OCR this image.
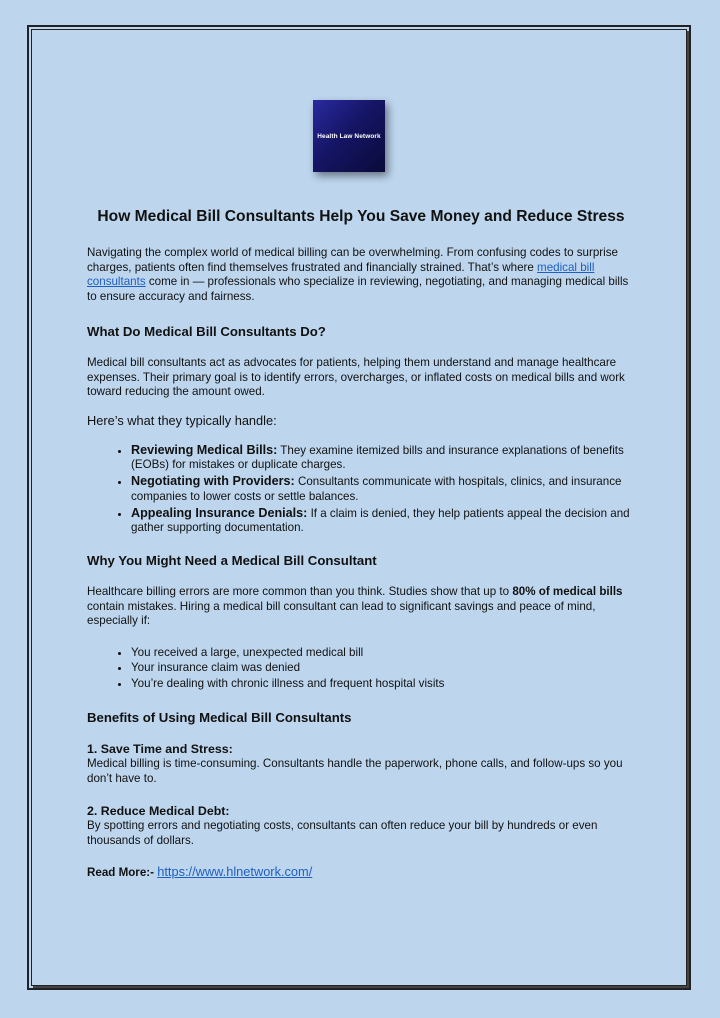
Health Law Network
How Medical Bill Consultants Help You Save Money and Reduce Stress

Navigating the complex world of medical billing can be overwhelming. From confusing codes to surprise charges, patients often find themselves frustrated and financially strained. That’s where medical bill consultants come in — professionals who specialize in reviewing, negotiating, and managing medical bills to ensure accuracy and fairness.

What Do Medical Bill Consultants Do?

Medical bill consultants act as advocates for patients, helping them understand and manage healthcare expenses. Their primary goal is to identify errors, overcharges, or inflated costs on medical bills and work toward reducing the amount owed.

Here’s what they typically handle:

• Reviewing Medical Bills: They examine itemized bills and insurance explanations of benefits (EOBs) for mistakes or duplicate charges.
• Negotiating with Providers: Consultants communicate with hospitals, clinics, and insurance companies to lower costs or settle balances.
• Appealing Insurance Denials: If a claim is denied, they help patients appeal the decision and gather supporting documentation.
Why You Might Need a Medical Bill Consultant

Healthcare billing errors are more common than you think. Studies show that up to 80% of medical bills contain mistakes. Hiring a medical bill consultant can lead to significant savings and peace of mind, especially if:

• You received a large, unexpected medical bill
• Your insurance claim was denied
• You’re dealing with chronic illness and frequent hospital visits
Benefits of Using Medical Bill Consultants

1. Save Time and Stress:

Medical billing is time-consuming. Consultants handle the paperwork, phone calls, and follow-ups so you don’t have to.

2. Reduce Medical Debt:

By spotting errors and negotiating costs, consultants can often reduce your bill by hundreds or even thousands of dollars.

Read More:- https://www.hlnetwork.com/
